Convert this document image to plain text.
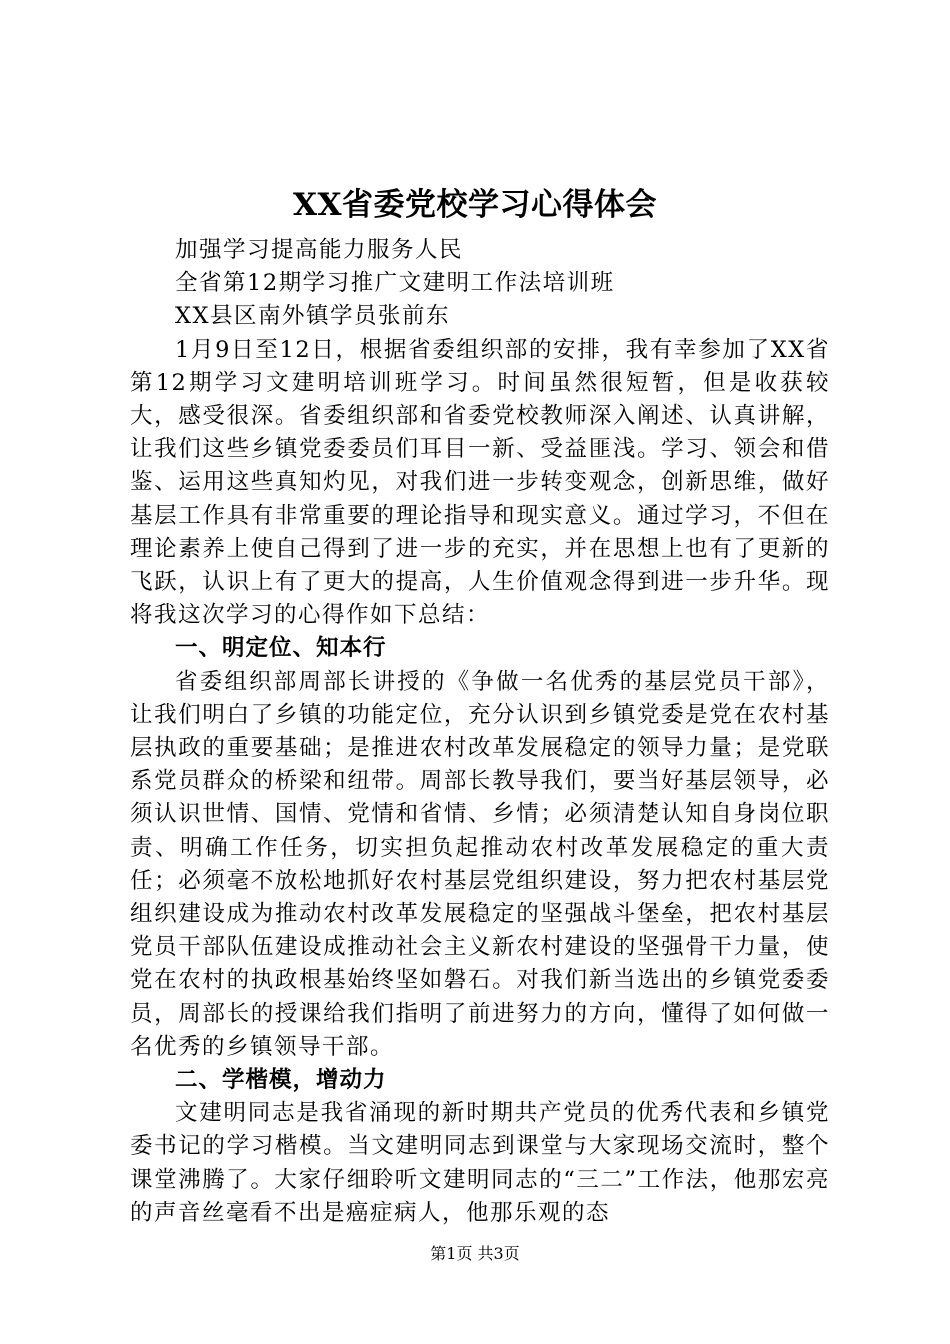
XX省委党校学习心得体会

加强学习提高能力服务人民

全省第12期学习推广文建明工作法培训班

XX县区南外镇学员张前东

1月9日至12日，根据省委组织部的安排，我有幸参加了XX省第12期学习文建明培训班学习。时间虽然很短暂，但是收获较大，感受很深。省委组织部和省委党校教师深入阐述、认真讲解，让我们这些乡镇党委委员们耳目一新、受益匪浅。学习、领会和借鉴、运用这些真知灼见，对我们进一步转变观念，创新思维，做好基层工作具有非常重要的理论指导和现实意义。通过学习，不但在理论素养上使自己得到了进一步的充实，并在思想上也有了更新的飞跃，认识上有了更大的提高，人生价值观念得到进一步升华。现将我这次学习的心得作如下总结：

一、明定位、知本行

省委组织部周部长讲授的《争做一名优秀的基层党员干部》，让我们明白了乡镇的功能定位，充分认识到乡镇党委是党在农村基层执政的重要基础；是推进农村改革发展稳定的领导力量；是党联系党员群众的桥梁和纽带。周部长教导我们，要当好基层领导，必须认识世情、国情、党情和省情、乡情；必须清楚认知自身岗位职责、明确工作任务，切实担负起推动农村改革发展稳定的重大责任；必须毫不放松地抓好农村基层党组织建设，努力把农村基层党组织建设成为推动农村改革发展稳定的坚强战斗堡垒，把农村基层党员干部队伍建设成推动社会主义新农村建设的坚强骨干力量，使党在农村的执政根基始终坚如磐石。对我们新当选出的乡镇党委委员，周部长的授课给我们指明了前进努力的方向，懂得了如何做一名优秀的乡镇领导干部。

二、学楷模，增动力

文建明同志是我省涌现的新时期共产党员的优秀代表和乡镇党委书记的学习楷模。当文建明同志到课堂与大家现场交流时，整个课堂沸腾了。大家仔细聆听文建明同志的“三二”工作法，他那宏亮的声音丝毫看不出是癌症病人，他那乐观的态

第1页 共3页
